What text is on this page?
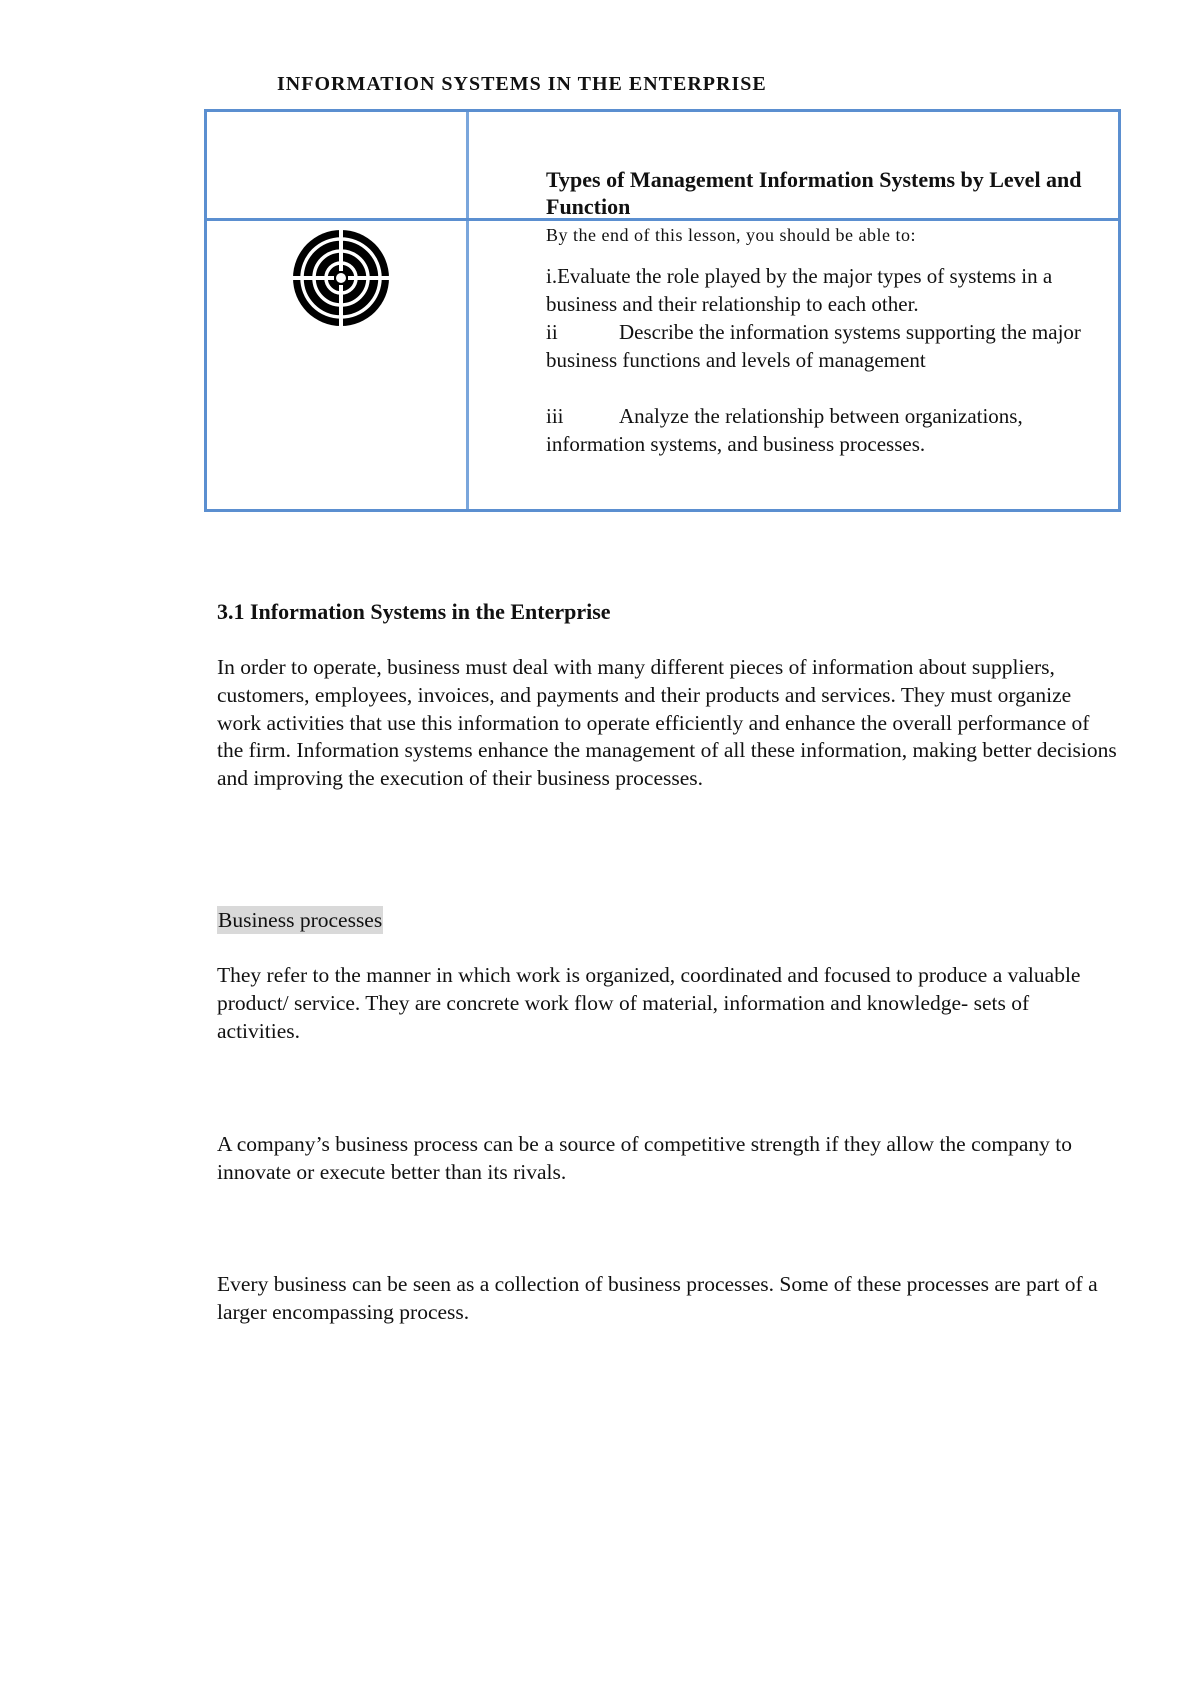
INFORMATION SYSTEMS IN THE ENTERPRISE
Types of Management Information Systems by Level and Function
By the end of this lesson, you should be able to:

i.Evaluate the role played by the major types of systems in a business and their relationship to each other.

ii	Describe the information systems supporting the major business functions and levels of management

iii	Analyze the relationship between organizations, information systems, and business processes.

3.1 Information Systems in the Enterprise

In order to operate, business must deal with many different pieces of information about suppliers, customers, employees, invoices, and payments and their products and services. They must organize work activities that use this information to operate efficiently and enhance the overall performance of the firm. Information systems enhance the management of all these information, making better decisions and improving the execution of their business processes.

Business processes

They refer to the manner in which work is organized, coordinated and focused to produce a valuable product/ service. They are concrete work flow of material, information and knowledge- sets of activities.

A company’s business process can be a source of competitive strength if they allow the company to innovate or execute better than its rivals.

Every business can be seen as a collection of business processes. Some of these processes are part of a larger encompassing process.
